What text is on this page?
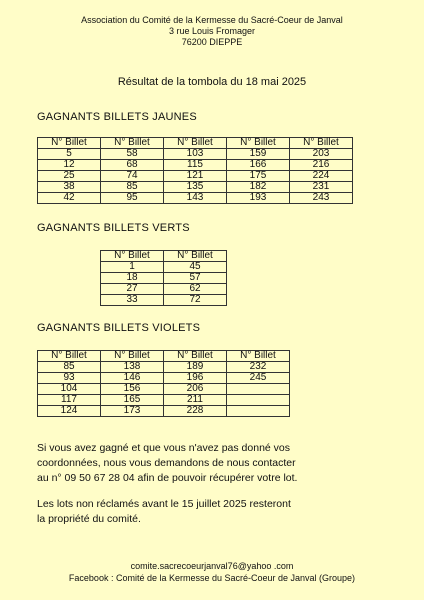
Association du Comité de la Kermesse du Sacré-Coeur de Janval
3 rue Louis Fromager
76200 DIEPPE
Résultat de la tombola du 18 mai 2025
GAGNANTS BILLETS JAUNES
N° Billet	N° Billet	N° Billet	N° Billet	N° Billet
5	58	103	159	203
12	68	115	166	216
25	74	121	175	224
38	85	135	182	231
42	95	143	193	243
GAGNANTS BILLETS VERTS
N° Billet	N° Billet
1	45
18	57
27	62
33	72
GAGNANTS BILLETS VIOLETS
N° Billet	N° Billet	N° Billet	N° Billet
85	138	189	232
93	146	196	245
104	156	206	
117	165	211	
124	173	228	
Si vous avez gagné et que vous n'avez pas donné vos
coordonnées, nous vous demandons de nous contacter
au n° 09 50 67 28 04 afin de pouvoir récupérer votre lot.
Les lots non réclamés avant le 15 juillet 2025 resteront
la propriété du comité.
comite.sacrecoeurjanval76@yahoo .com
Facebook : Comité de la Kermesse du Sacré-Coeur de Janval (Groupe)
